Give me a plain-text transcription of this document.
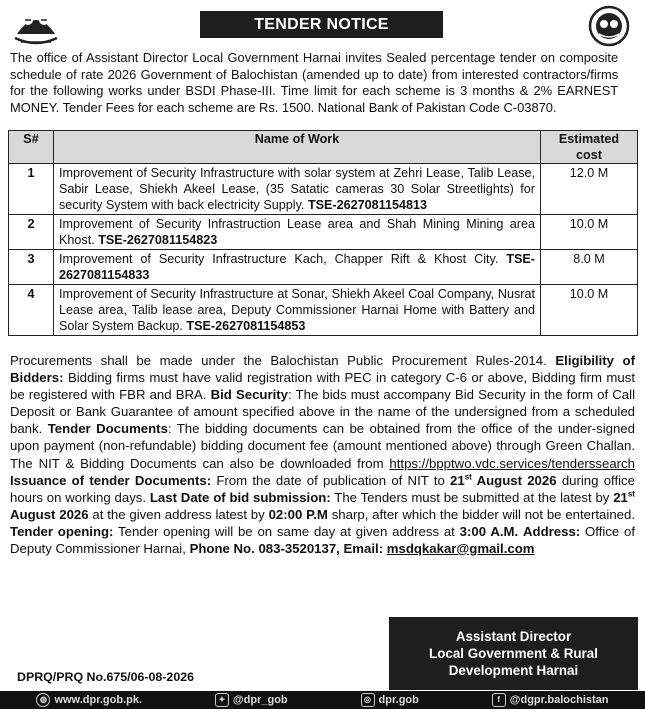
TENDER NOTICE

The office of Assistant Director Local Government Harnai invites Sealed percentage tender on composite schedule of rate 2026 Government of Balochistan (amended up to date) from interested contractors/firms for the following works under BSDI Phase-III. Time limit for each scheme is 3 months & 2% EARNEST MONEY. Tender Fees for each scheme are Rs. 1500. National Bank of Pakistan Code C-03870.

S#	Name of Work	Estimated cost
1	Improvement of Security Infrastructure with solar system at Zehri Lease, Talib Lease, Sabir Lease, Shiekh Akeel Lease, (35 Satatic cameras 30 Solar Streetlights) for security System with back electricity Supply. TSE-2627081154813	12.0 M
2	Improvement of Security Infrastruction Lease area and Shah Mining Mining area Khost. TSE-2627081154823	10.0 M
3	Improvement of Security Infrastructure Kach, Chapper Rift & Khost City. TSE-2627081154833	8.0 M
4	Improvement of Security Infrastructure at Sonar, Shiekh Akeel Coal Company, Nusrat Lease area, Talib lease area, Deputy Commissioner Harnai Home with Battery and Solar System Backup. TSE-2627081154853	10.0 M

Procurements shall be made under the Balochistan Public Procurement Rules-2014. Eligibility of Bidders: Bidding firms must have valid registration with PEC in category C-6 or above, Bidding firm must be registered with FBR and BRA. Bid Security: The bids must accompany Bid Security in the form of Call Deposit or Bank Guarantee of amount specified above in the name of the undersigned from a scheduled bank. Tender Documents: The bidding documents can be obtained from the office of the under-signed upon payment (non-refundable) bidding document fee (amount mentioned above) through Green Challan. The NIT & Bidding Documents can also be downloaded from https://bpptwo.vdc.services/tenderssearch Issuance of tender Documents: From the date of publication of NIT to 21st August 2026 during office hours on working days. Last Date of bid submission: The Tenders must be submitted at the latest by 21st August 2026 at the given address latest by 02:00 P.M sharp, after which the bidder will not be entertained. Tender opening: Tender opening will be on same day at given address at 3:00 A.M. Address: Office of Deputy Commissioner Harnai, Phone No. 083-3520137, Email: msdqkakar@gmail.com

Assistant Director
Local Government & Rural
Development Harnai
DPRQ/PRQ No.675/06-08-2026
◍ www.dpr.gob.pk.	✦ @dpr_gob	◎ dpr.gob	f @dgpr.balochistan
